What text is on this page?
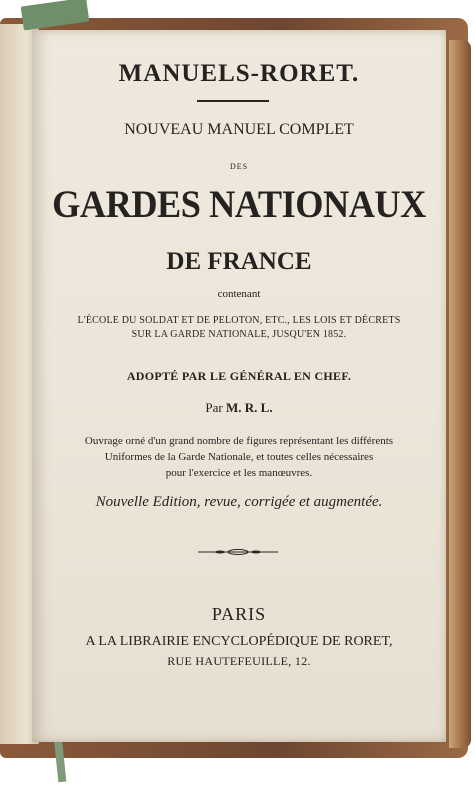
MANUELS-RORET.
NOUVEAU MANUEL COMPLET
DES
GARDES NATIONAUX
DE FRANCE
contenant
L'ÉCOLE DU SOLDAT ET DE PELOTON, ETC., LES LOIS ET DÉCRETS
SUR LA GARDE NATIONALE, JUSQU'EN 1852.
ADOPTÉ PAR LE GÉNÉRAL EN CHEF.
Par M. R. L.
Ouvrage orné d'un grand nombre de figures représentant les différents
Uniformes de la Garde Nationale, et toutes celles nécessaires
pour l'exercice et les manœuvres.
Nouvelle Edition, revue, corrigée et augmentée.
PARIS
A LA LIBRAIRIE ENCYCLOPÉDIQUE DE RORET,
RUE HAUTEFEUILLE, 12.
